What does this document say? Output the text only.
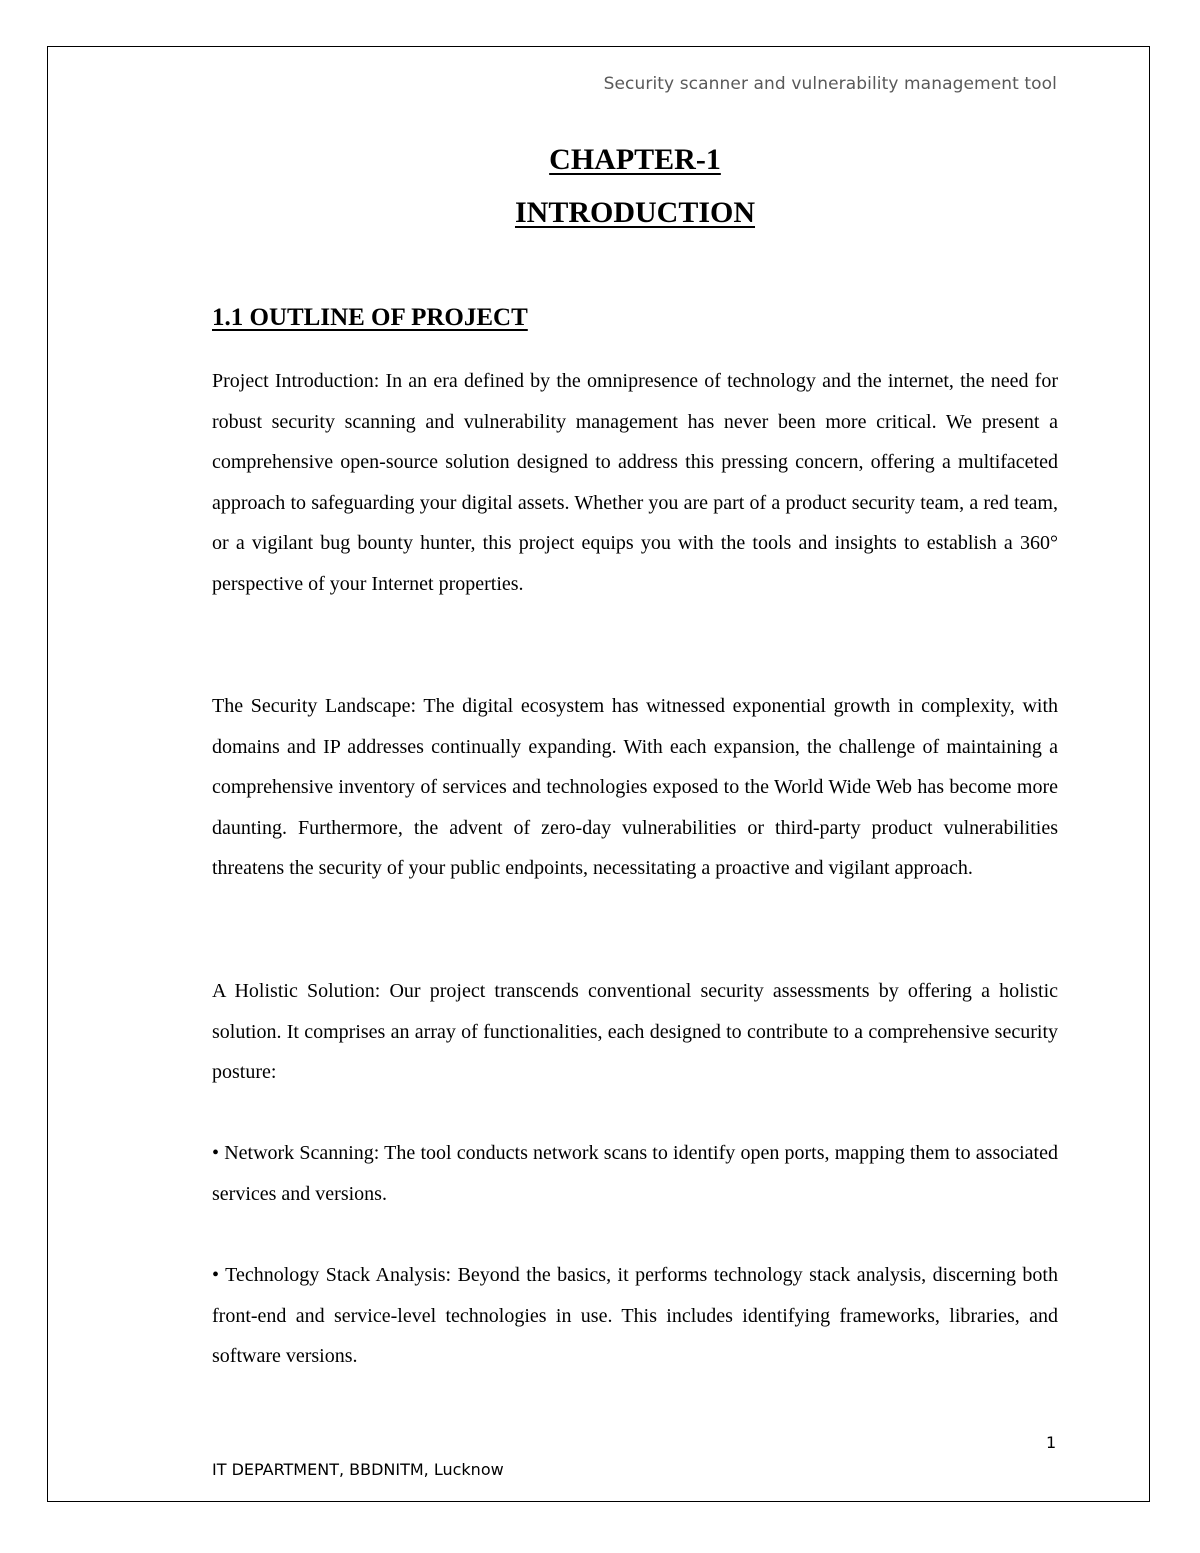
Security scanner and vulnerability management tool
CHAPTER-1
INTRODUCTION
1.1 OUTLINE OF PROJECT

Project Introduction: In an era defined by the omnipresence of technology and the internet, the need for robust security scanning and vulnerability management has never been more critical. We present a comprehensive open-source solution designed to address this pressing concern, offering a multifaceted approach to safeguarding your digital assets. Whether you are part of a product security team, a red team, or a vigilant bug bounty hunter, this project equips you with the tools and insights to establish a 360° perspective of your Internet properties.

The Security Landscape: The digital ecosystem has witnessed exponential growth in complexity, with domains and IP addresses continually expanding. With each expansion, the challenge of maintaining a comprehensive inventory of services and technologies exposed to the World Wide Web has become more daunting. Furthermore, the advent of zero-day vulnerabilities or third-party product vulnerabilities threatens the security of your public endpoints, necessitating a proactive and vigilant approach.

A Holistic Solution: Our project transcends conventional security assessments by offering a holistic solution. It comprises an array of functionalities, each designed to contribute to a comprehensive security posture:

• Network Scanning: The tool conducts network scans to identify open ports, mapping them to associated services and versions.

• Technology Stack Analysis: Beyond the basics, it performs technology stack analysis, discerning both front-end and service-level technologies in use. This includes identifying frameworks, libraries, and software versions.

1
IT DEPARTMENT, BBDNITM, Lucknow
